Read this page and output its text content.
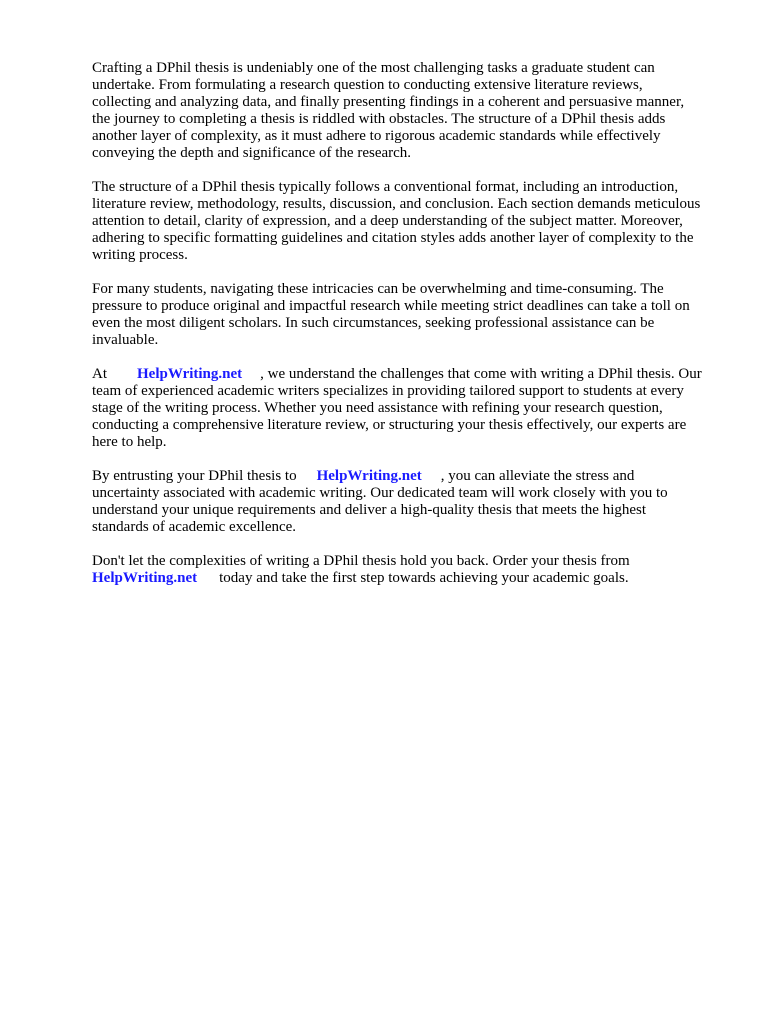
Crafting a DPhil thesis is undeniably one of the most challenging tasks a graduate student can
undertake. From formulating a research question to conducting extensive literature reviews,
collecting and analyzing data, and finally presenting findings in a coherent and persuasive manner,
the journey to completing a thesis is riddled with obstacles. The structure of a DPhil thesis adds
another layer of complexity, as it must adhere to rigorous academic standards while effectively
conveying the depth and significance of the research.

The structure of a DPhil thesis typically follows a conventional format, including an introduction,
literature review, methodology, results, discussion, and conclusion. Each section demands meticulous
attention to detail, clarity of expression, and a deep understanding of the subject matter. Moreover,
adhering to specific formatting guidelines and citation styles adds another layer of complexity to the
writing process.

For many students, navigating these intricacies can be overwhelming and time-consuming. The
pressure to produce original and impactful research while meeting strict deadlines can take a toll on
even the most diligent scholars. In such circumstances, seeking professional assistance can be
invaluable.

At HelpWriting.net , we understand the challenges that come with writing a DPhil thesis. Our
team of experienced academic writers specializes in providing tailored support to students at every
stage of the writing process. Whether you need assistance with refining your research question,
conducting a comprehensive literature review, or structuring your thesis effectively, our experts are
here to help.

By entrusting your DPhil thesis to HelpWriting.net , you can alleviate the stress and
uncertainty associated with academic writing. Our dedicated team will work closely with you to
understand your unique requirements and deliver a high-quality thesis that meets the highest
standards of academic excellence.

Don't let the complexities of writing a DPhil thesis hold you back. Order your thesis from
HelpWriting.net today and take the first step towards achieving your academic goals.
